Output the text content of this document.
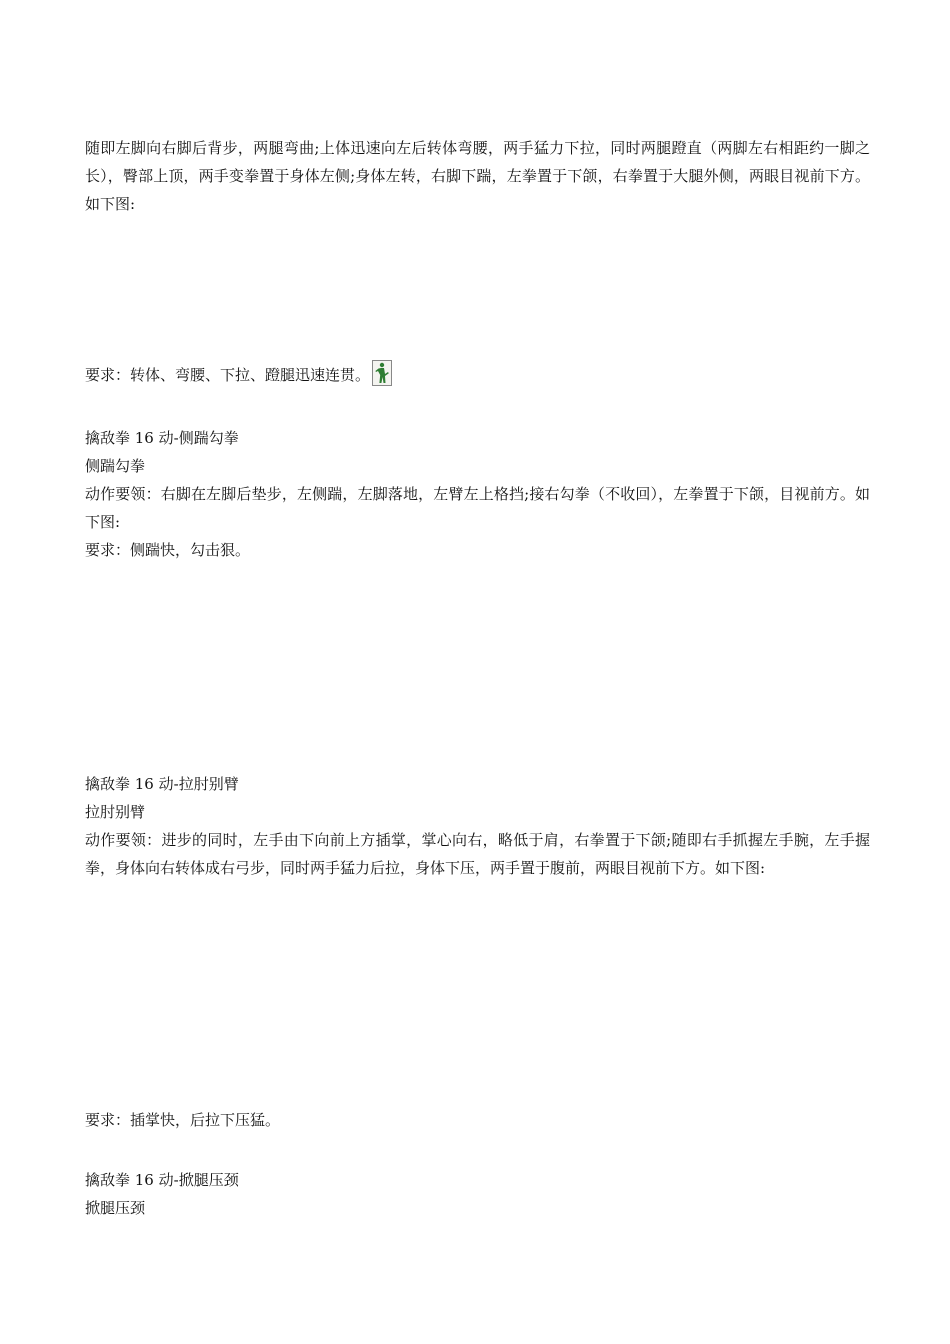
随即左脚向右脚后背步，两腿弯曲;上体迅速向左后转体弯腰，两手猛力下拉，同时两腿蹬直（两脚左右相距约一脚之长），臀部上顶，两手变拳置于身体左侧;身体左转，右脚下踹，左拳置于下颌，右拳置于大腿外侧，两眼目视前下方。如下图:

要求：转体、弯腰、下拉、蹬腿迅速连贯。

擒敌拳 16 动-侧踹勾拳

侧踹勾拳

动作要领：右脚在左脚后垫步，左侧踹，左脚落地，左臂左上格挡;接右勾拳（不收回），左拳置于下颌，目视前方。如下图:

要求：侧踹快，勾击狠。

擒敌拳 16 动-拉肘别臂

拉肘别臂

动作要领：进步的同时，左手由下向前上方插掌，掌心向右，略低于肩，右拳置于下颌;随即右手抓握左手腕，左手握拳，身体向右转体成右弓步，同时两手猛力后拉，身体下压，两手置于腹前，两眼目视前下方。如下图:

要求：插掌快，后拉下压猛。

擒敌拳 16 动-掀腿压颈

掀腿压颈
